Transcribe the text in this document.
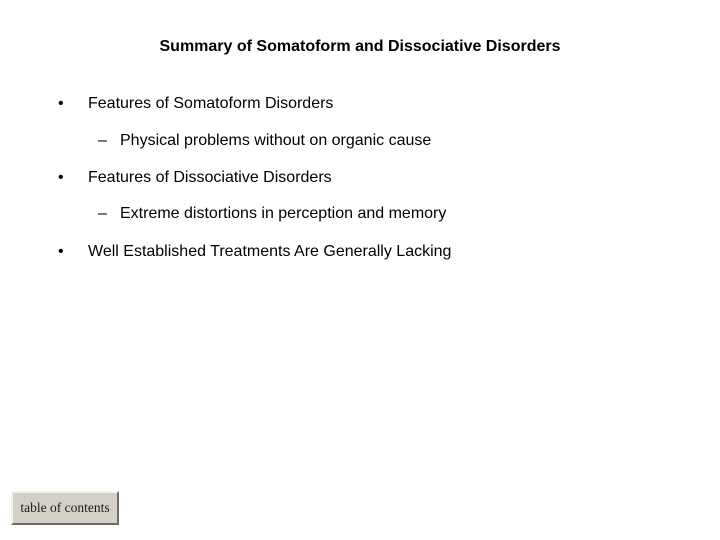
Summary of Somatoform and Dissociative Disorders
•	Features of Somatoform Disorders
– Physical problems without on organic cause
•	Features of Dissociative Disorders
– Extreme distortions in perception and memory
•	Well Established Treatments Are Generally Lacking
table of contents
